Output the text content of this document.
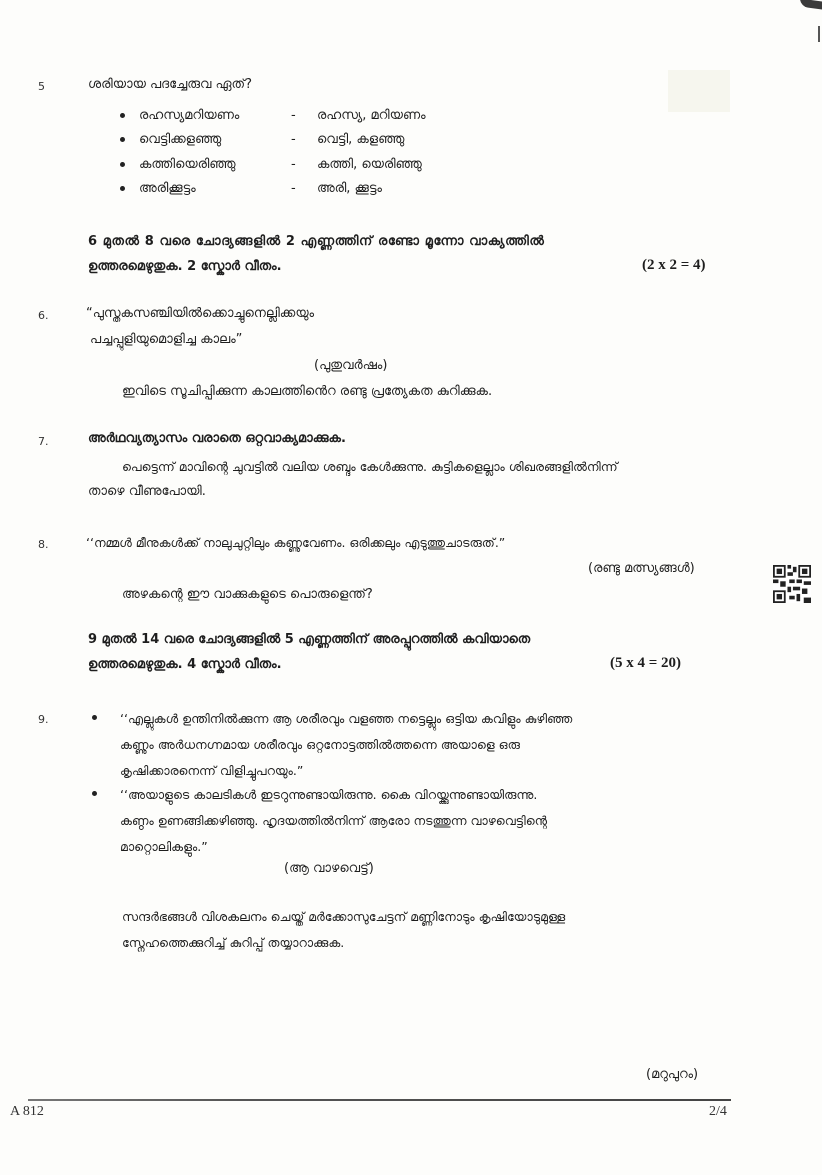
5	ശരിയായ പദച്ചേരുവ ഏത്?
രഹസ്യമറിയണം	- രഹസ്യ, മറിയണം
വെട്ടിക്കളഞ്ഞു	- വെട്ടി, കളഞ്ഞു
കത്തിയെരിഞ്ഞു	- കത്തി, യെരിഞ്ഞു
അരിക്കൂട്ടം	- അരി, ക്കൂട്ടം
6 മുതൽ 8 വരെ ചോദ്യങ്ങളിൽ 2 എണ്ണത്തിന് രണ്ടോ മൂന്നോ വാക്യത്തിൽ
ഉത്തരമെഴുതുക. 2 സ്കോർ വീതം.	(2 x 2 = 4)
6.	“പുസ്തകസഞ്ചിയിൽക്കൊച്ചുനെല്ലിക്കയും
പച്ചപ്പുളിയുമൊളിച്ച കാലം”
(പുതുവർഷം)
ഇവിടെ സൂചിപ്പിക്കുന്ന കാലത്തിൻെറ രണ്ടു പ്രത്യേകത കുറിക്കുക.
7.	അർഥവ്യത്യാസം വരാതെ ഒറ്റവാക്യമാക്കുക.
പെട്ടെന്ന് മാവിന്റെ ചുവട്ടിൽ വലിയ ശബ്ദം കേൾക്കുന്നു. കുട്ടികളെല്ലാം ശിഖരങ്ങളിൽനിന്ന്
താഴെ വീണുപോയി.
8.	‘‘നമ്മൾ മീനുകൾക്ക് നാലുചുറ്റിലും കണ്ണുവേണം. ഒരിക്കലും എടുത്തുചാടരുത്.”
(രണ്ടു മത്സ്യങ്ങൾ)
അഴകന്റെ ഈ വാക്കുകളുടെ പൊരുളെന്ത്?
9 മുതൽ 14 വരെ ചോദ്യങ്ങളിൽ 5 എണ്ണത്തിന് അരപ്പുറത്തിൽ കവിയാതെ
ഉത്തരമെഴുതുക. 4 സ്കോർ വീതം.	(5 x 4 = 20)
9.	‘‘എല്ലുകൾ ഉന്തിനിൽക്കുന്ന ആ ശരീരവും വളഞ്ഞ നട്ടെല്ലും ഒട്ടിയ കവിളും കുഴിഞ്ഞ
കണ്ണും അർധനഗ്നമായ ശരീരവും ഒറ്റനോട്ടത്തിൽത്തന്നെ അയാളെ ഒരു
കൃഷിക്കാരനെന്ന് വിളിച്ചുപറയും.”
‘‘അയാളുടെ കാലടികൾ ഇടറുന്നുണ്ടായിരുന്നു. കൈ വിറയ്ക്കുന്നുണ്ടായിരുന്നു.
കണ്ഠം ഉണങ്ങിക്കഴിഞ്ഞു. ഹൃദയത്തിൽനിന്ന് ആരോ നടത്തുന്ന വാഴവെട്ടിന്റെ
മാറ്റൊലികളും.”
(ആ വാഴവെട്ട്)
സന്ദർഭങ്ങൾ വിശകലനം ചെയ്ത് മർക്കോസുചേട്ടന് മണ്ണിനോടും കൃഷിയോടുമുള്ള
സ്നേഹത്തെക്കുറിച്ച് കുറിപ്പ് തയ്യാറാക്കുക.
(മറുപുറം)
A 812	2/4
